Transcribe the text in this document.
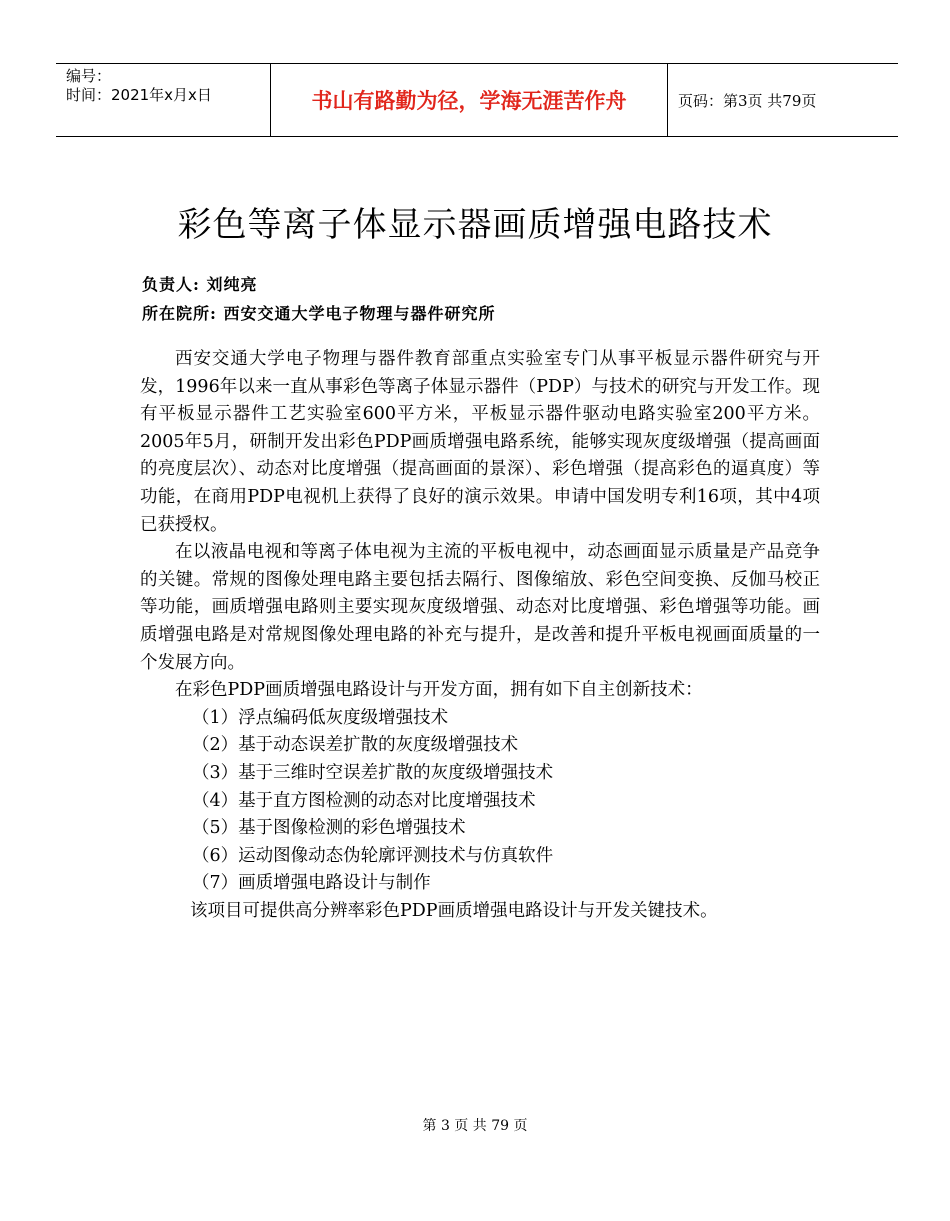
编号：
时间：2021年x月x日	书山有路勤为径，学海无涯苦作舟	页码：第3页 共79页
彩色等离子体显示器画质增强电路技术
负责人: 刘纯亮
所在院所: 西安交通大学电子物理与器件研究所

西安交通大学电子物理与器件教育部重点实验室专门从事平板显示器件研究与开发，1996年以来一直从事彩色等离子体显示器件（PDP）与技术的研究与开发工作。现有平板显示器件工艺实验室600平方米，平板显示器件驱动电路实验室200平方米。2005年5月，研制开发出彩色PDP画质增强电路系统，能够实现灰度级增强（提高画面的亮度层次）、动态对比度增强（提高画面的景深）、彩色增强（提高彩色的逼真度）等功能，在商用PDP电视机上获得了良好的演示效果。申请中国发明专利16项，其中4项已获授权。

在以液晶电视和等离子体电视为主流的平板电视中，动态画面显示质量是产品竞争的关键。常规的图像处理电路主要包括去隔行、图像缩放、彩色空间变换、反伽马校正等功能，画质增强电路则主要实现灰度级增强、动态对比度增强、彩色增强等功能。画质增强电路是对常规图像处理电路的补充与提升，是改善和提升平板电视画面质量的一个发展方向。

在彩色PDP画质增强电路设计与开发方面，拥有如下自主创新技术：

（1）浮点编码低灰度级增强技术
（2）基于动态误差扩散的灰度级增强技术
（3）基于三维时空误差扩散的灰度级增强技术
（4）基于直方图检测的动态对比度增强技术
（5）基于图像检测的彩色增强技术
（6）运动图像动态伪轮廓评测技术与仿真软件
（7）画质增强电路设计与制作

该项目可提供高分辨率彩色PDP画质增强电路设计与开发关键技术。

第 3 页 共 79 页
